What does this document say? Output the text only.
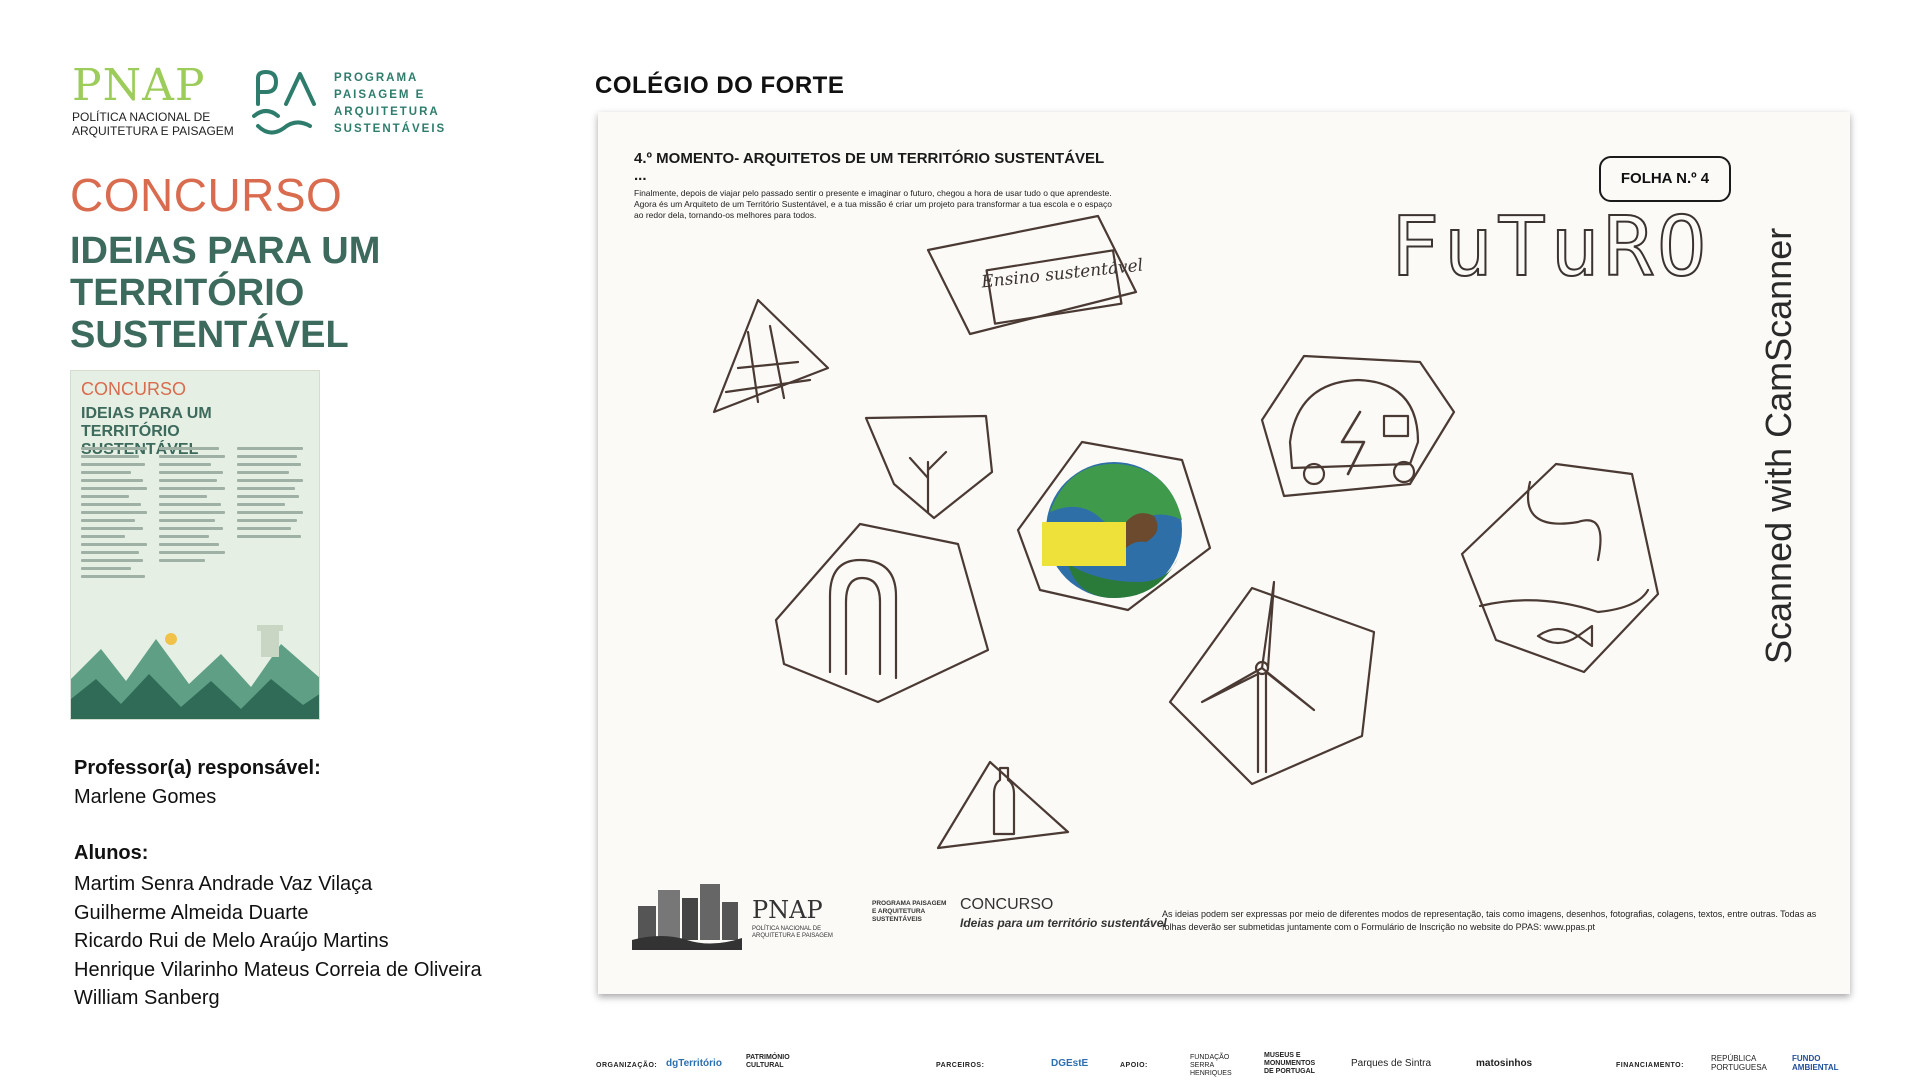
PNAP
POLÍTICA NACIONAL DE
ARQUITETURA E PAISAGEM
PROGRAMA
PAISAGEM E
ARQUITETURA
SUSTENTÁVEIS
CONCURSO
IDEIAS PARA UM TERRITÓRIO SUSTENTÁVEL
CONCURSO
IDEIAS PARA UM TERRITÓRIO
Professor(a) responsável:
Marlene Gomes
Alunos:
Martim Senra Andrade Vaz Vilaça
Guilherme Almeida Duarte
Ricardo Rui de Melo Araújo Martins
Henrique Vilarinho Mateus Correia de Oliveira
William Sanberg
COLÉGIO DO FORTE
4.º MOMENTO- ARQUITETOS DE UM TERRITÓRIO SUSTENTÁVEL ...
Finalmente, depois de viajar pelo passado sentir o presente e imaginar o futuro, chegou a hora de usar tudo o que aprendeste. Agora és um Arquiteto de um Território Sustentável, e a tua missão é criar um projeto para transformar a tua escola e o espaço ao redor dela, tornando-os melhores para todos.
FOLHA N.º 4
FuTuRO
Ensino sustentável	Scanned with CamScanner
PNAP
POLÍTICA NACIONAL DE ARQUITETURA E PAISAGEM
PROGRAMA PAISAGEM E ARQUITETURA SUSTENTÁVEIS
CONCURSO
Ideias para um território sustentável
As ideias podem ser expressas por meio de diferentes modos de representação, tais como imagens, desenhos, fotografias, colagens, textos, entre outras. Todas as folhas deverão ser submetidas juntamente com o Formulário de Inscrição no website do PPAS: www.ppas.pt
ORGANIZAÇÃO: dgTerritório
PATRIMÓNIO CULTURAL	PARCEIROS:	DGEstE	APOIO:
FUNDAÇÃO SERRA HENRIQUES
MUSEUS E MONUMENTOS DE PORTUGAL
Parques de Sintra	matosinhos	FINANCIAMENTO:
REPÚBLICA PORTUGUESA
FUNDO AMBIENTAL
